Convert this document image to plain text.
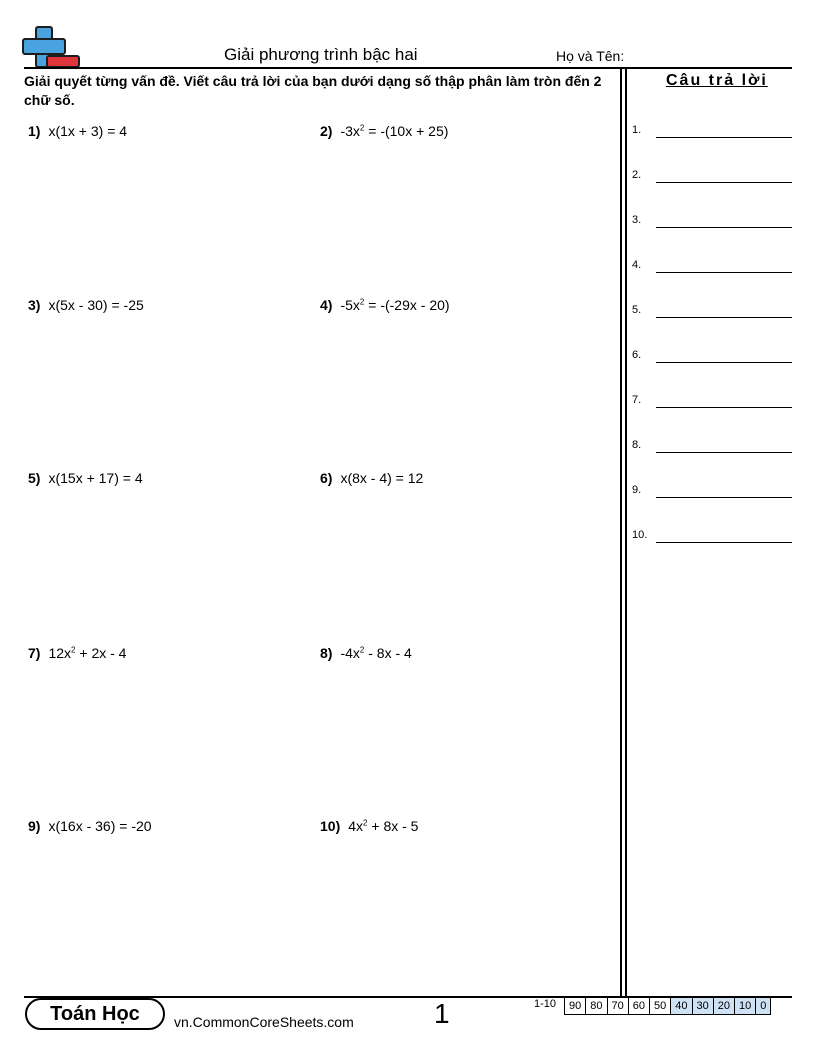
Giải phương trình bậc hai	Họ và Tên:
Giải quyết từng vấn đề. Viết câu trả lời của bạn dưới dạng số thập phân làm tròn đến 2 chữ số.
Câu trả lời
1.
2.
3.
4.
5.
6.
7.
8.
9.
10.
1) x(1x + 3) = 4	2) $-3x^2 = -(10x + 25)$
3) x(5x - 30) = -25	4) $-5x^2 = -(-29x - 20)$
5) x(15x + 17) = 4	6) x(8x - 4) = 12
7) $12x^2 + 2x - 4$	8) $-4x^2 - 8x - 4$
9) x(16x - 36) = -20	10) $4x^2 + 8x - 5$
Toán Học	vn.CommonCoreSheets.com	1	1-10	90 80 70 60 50 40 30 20 10 0
